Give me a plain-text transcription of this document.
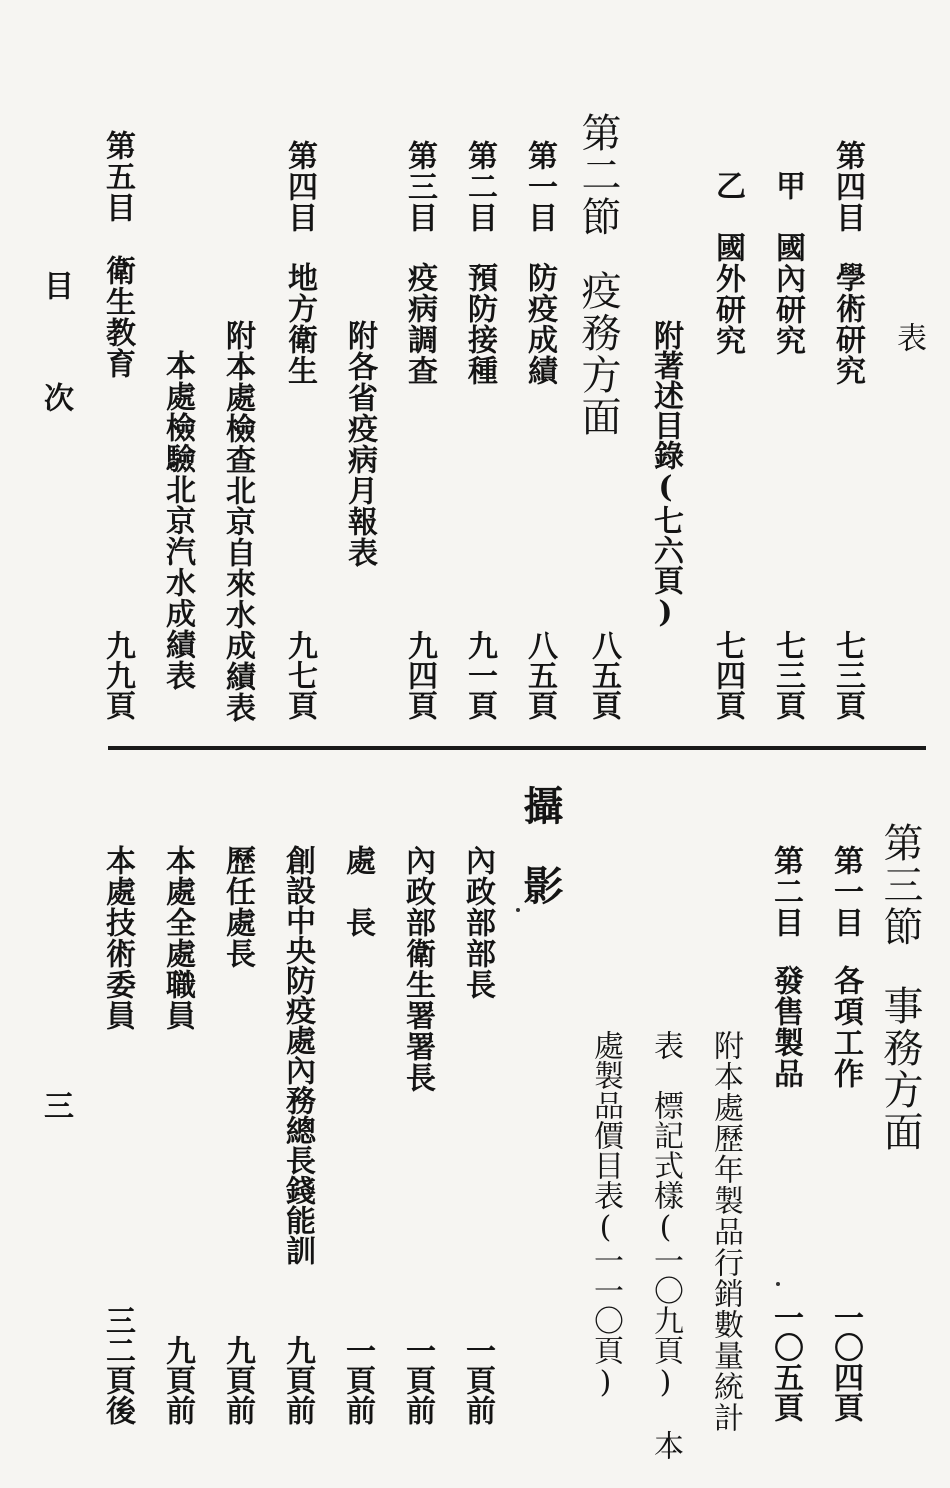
表
第四目
學術研究
七三頁
甲
國內研究
七三頁
乙
國外研究
七四頁
附著述目錄(七六頁)
第二節
疫務方面
八五頁
第一目
防疫成績
八五頁
第二目
預防接種
九一頁
第三目
疫病調查
九四頁
附各省疫病月報表
第四目
地方衛生
九七頁
附本處檢查北京自來水成績表
本處檢驗北京汽水成績表
第五目
衛生教育
九九頁
目　次
第三節
事務方面
第一目
各項工作
一〇四頁
第二目
發售製品
一〇五頁
附本處歷年製品行銷數量統計
表　標記式樣(一〇九頁)　本
處製品價目表(一一〇頁)
攝　影
內政部部長
一頁前
內政部衛生署署長
一頁前
處　長
一頁前
創設中央防疫處內務總長錢能訓
九頁前
歷任處長
九頁前
本處全處職員
九頁前
本處技術委員
三二頁後
三
